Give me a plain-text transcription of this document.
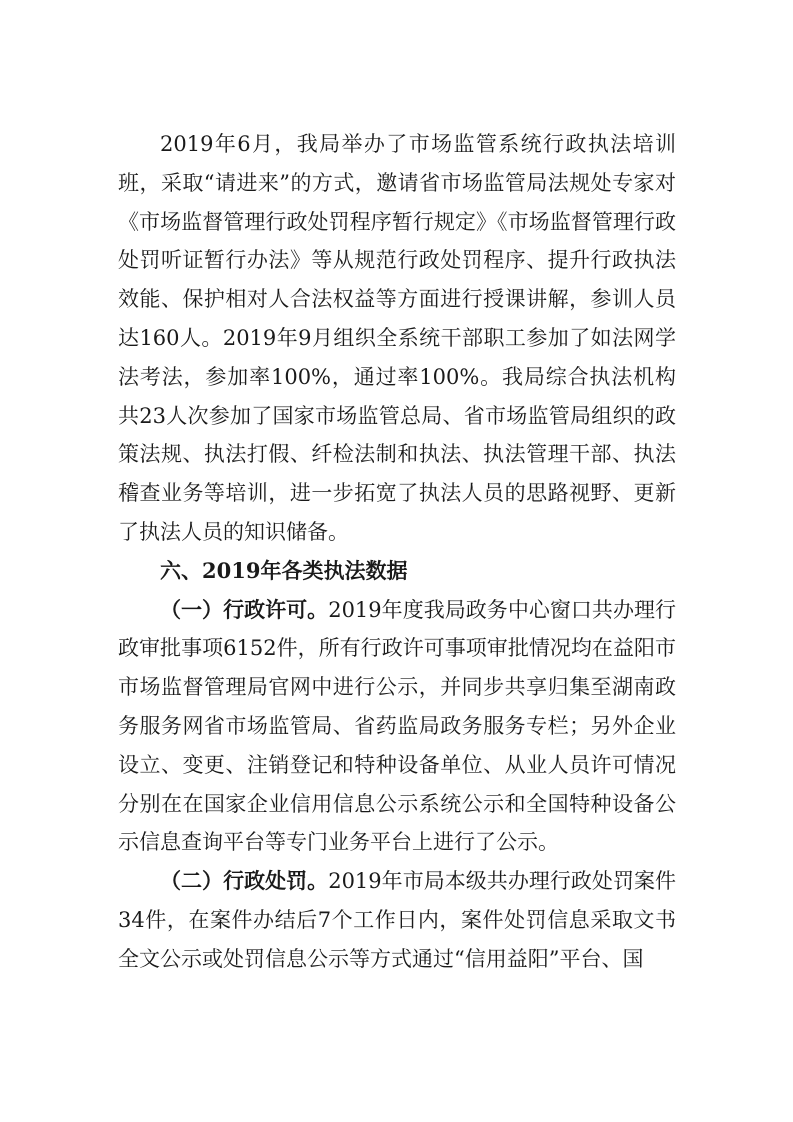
2019年6月，我局举办了市场监管系统行政执法培训班，采取“请进来”的方式，邀请省市场监管局法规处专家对《市场监督管理行政处罚程序暂行规定》《市场监督管理行政处罚听证暂行办法》等从规范行政处罚程序、提升行政执法效能、保护相对人合法权益等方面进行授课讲解，参训人员达160人。2019年9月组织全系统干部职工参加了如法网学法考法，参加率100%，通过率100%。我局综合执法机构共23人次参加了国家市场监管总局、省市场监管局组织的政策法规、执法打假、纤检法制和执法、执法管理干部、执法稽查业务等培训，进一步拓宽了执法人员的思路视野、更新了执法人员的知识储备。

六、2019年各类执法数据

（一）行政许可。2019年度我局政务中心窗口共办理行政审批事项6152件，所有行政许可事项审批情况均在益阳市市场监督管理局官网中进行公示，并同步共享归集至湖南政务服务网省市场监管局、省药监局政务服务专栏；另外企业设立、变更、注销登记和特种设备单位、从业人员许可情况分别在在国家企业信用信息公示系统公示和全国特种设备公示信息查询平台等专门业务平台上进行了公示。

（二）行政处罚。2019年市局本级共办理行政处罚案件34件，在案件办结后7个工作日内，案件处罚信息采取文书全文公示或处罚信息公示等方式通过“信用益阳”平台、国
